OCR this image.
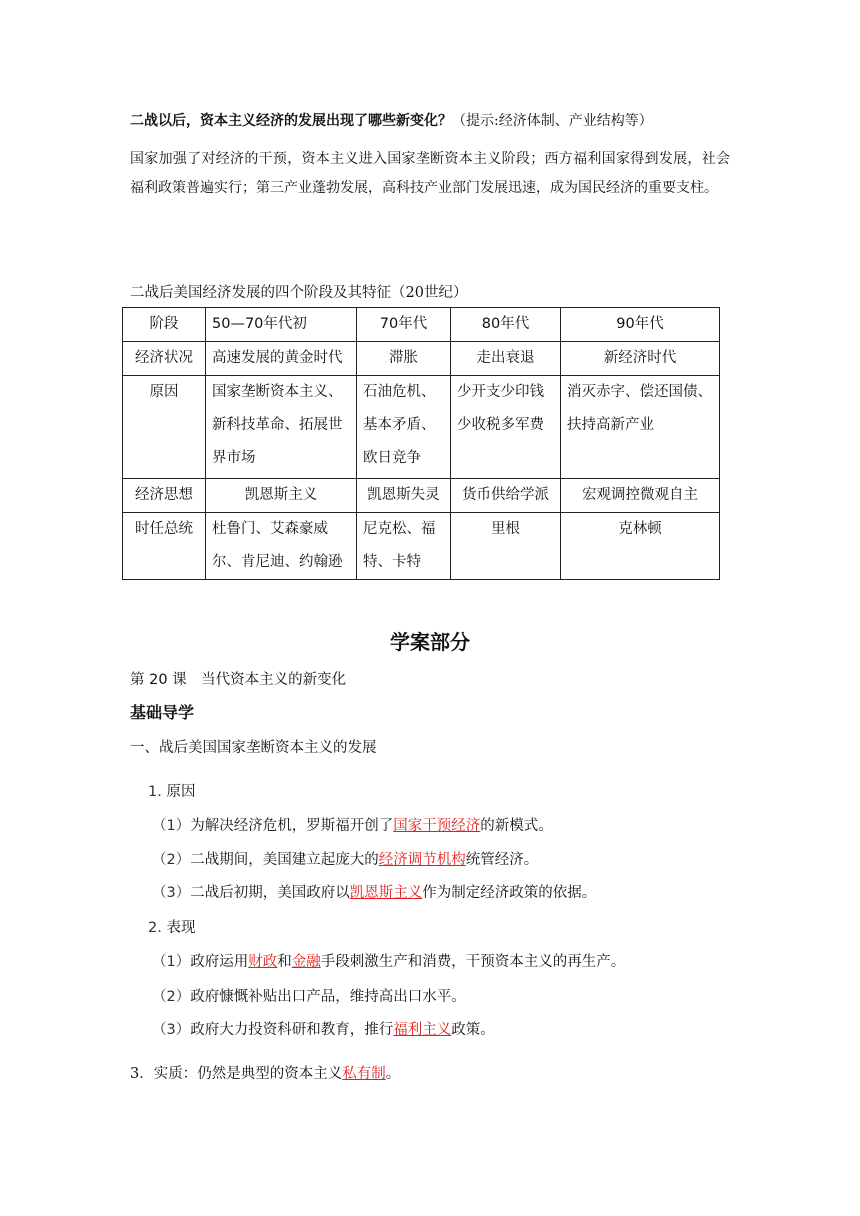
二战以后，资本主义经济的发展出现了哪些新变化？（提示:经济体制、产业结构等）
国家加强了对经济的干预，资本主义进入国家垄断资本主义阶段；西方福利国家得到发展，社会福利政策普遍实行；第三产业蓬勃发展，高科技产业部门发展迅速，成为国民经济的重要支柱。
二战后美国经济发展的四个阶段及其特征（20世纪）
阶段	50—70年代初	70年代	80年代	90年代
经济状况	高速发展的黄金时代	滞胀	走出衰退	新经济时代
原因	国家垄断资本主义、新科技革命、拓展世界市场	石油危机、基本矛盾、欧日竞争	少开支少印钱少收税多军费	消灭赤字、偿还国债、扶持高新产业
经济思想	凯恩斯主义	凯恩斯失灵	货币供给学派	宏观调控微观自主
时任总统	杜鲁门、艾森豪威尔、肯尼迪、约翰逊	尼克松、福特、卡特	里根	克林顿
学案部分
第 20 课　当代资本主义的新变化
基础导学
一、战后美国国家垄断资本主义的发展
1. 原因
（1）为解决经济危机，罗斯福开创了国家干预经济的新模式。
（2）二战期间，美国建立起庞大的经济调节机构统管经济。
（3）二战后初期，美国政府以凯恩斯主义作为制定经济政策的依据。
2. 表现
（1）政府运用财政和金融手段刺激生产和消费，干预资本主义的再生产。
（2）政府慷慨补贴出口产品，维持高出口水平。
（3）政府大力投资科研和教育，推行福利主义政策。
3．实质：仍然是典型的资本主义私有制。
